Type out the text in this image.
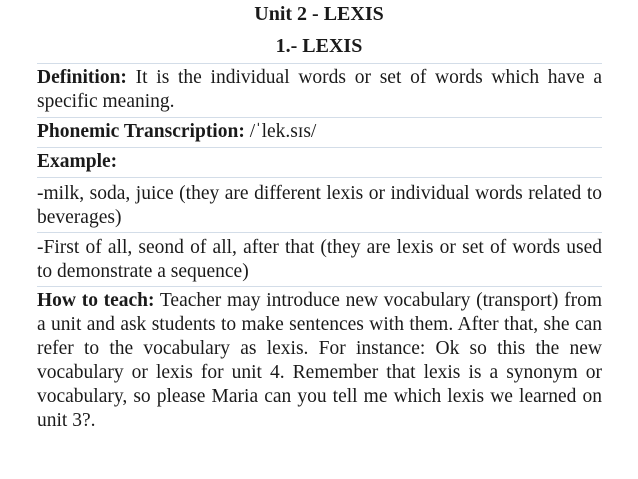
Unit 2 - LEXIS
1.- LEXIS
Definition: It is the individual words or set of words which have a specific meaning.
Phonemic Transcription: /ˈlek.sɪs/
Example:
-milk, soda, juice (they are different lexis or individual words related to beverages)
-First of all, seond of all, after that (they are lexis or set of words used to demonstrate a sequence)
How to teach: Teacher may introduce new vocabulary (transport) from a unit and ask students to make sentences with them. After that, she can refer to the vocabulary as lexis. For instance: Ok so this the new vocabulary or lexis for unit 4. Remember that lexis is a synonym or vocabulary, so please Maria can you tell me which lexis we learned on unit 3?.
